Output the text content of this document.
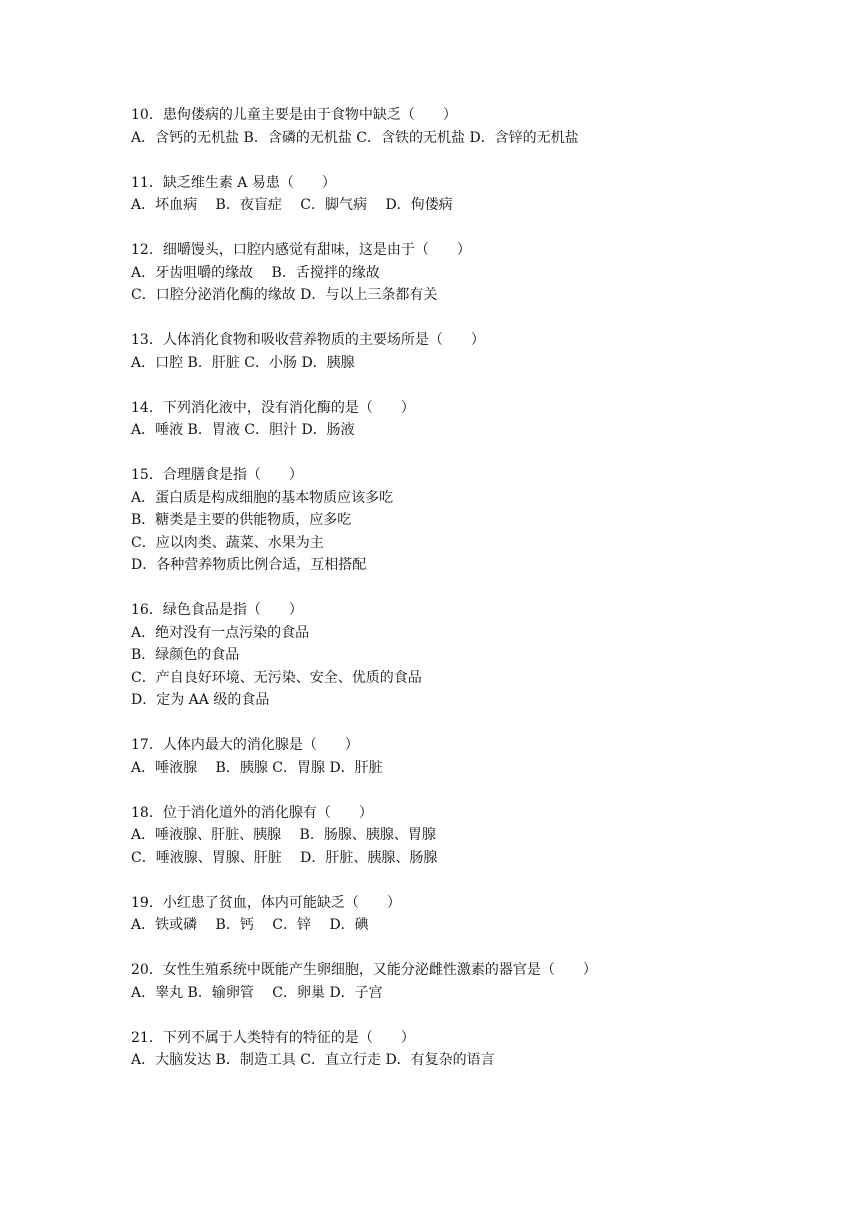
10．患佝偻病的儿童主要是由于食物中缺乏（　　）
A．含钙的无机盐 B．含磷的无机盐 C．含铁的无机盐 D．含锌的无机盐
11．缺乏维生素 A 易患（　　）
A．坏血病　 B．夜盲症　 C．脚气病　 D．佝偻病
12．细嚼馒头，口腔内感觉有甜味，这是由于（　　）
A．牙齿咀嚼的缘故　 B．舌搅拌的缘故
C．口腔分泌消化酶的缘故 D．与以上三条都有关
13．人体消化食物和吸收营养物质的主要场所是（　　）
A．口腔 B．肝脏 C．小肠 D．胰腺
14．下列消化液中，没有消化酶的是（　　）
A．唾液 B．胃液 C．胆汁 D．肠液
15．合理膳食是指（　　）
A．蛋白质是构成细胞的基本物质应该多吃
B．糖类是主要的供能物质，应多吃
C．应以肉类、蔬菜、水果为主
D．各种营养物质比例合适，互相搭配
16．绿色食品是指（　　）
A．绝对没有一点污染的食品
B．绿颜色的食品
C．产自良好环境、无污染、安全、优质的食品
D．定为 AA 级的食品
17．人体内最大的消化腺是（　　）
A．唾液腺　 B．胰腺 C．胃腺 D．肝脏
18．位于消化道外的消化腺有（　　）
A．唾液腺、肝脏、胰腺　 B．肠腺、胰腺、胃腺
C．唾液腺、胃腺、肝脏　 D．肝脏、胰腺、肠腺
19．小红患了贫血，体内可能缺乏（　　）
A．铁或磷　 B．钙　 C．锌　 D．碘
20．女性生殖系统中既能产生卵细胞，又能分泌雌性激素的器官是（　　）
A．睾丸 B．输卵管　 C．卵巢 D．子宫
21．下列不属于人类特有的特征的是（　　）
A．大脑发达 B．制造工具 C．直立行走 D．有复杂的语言
